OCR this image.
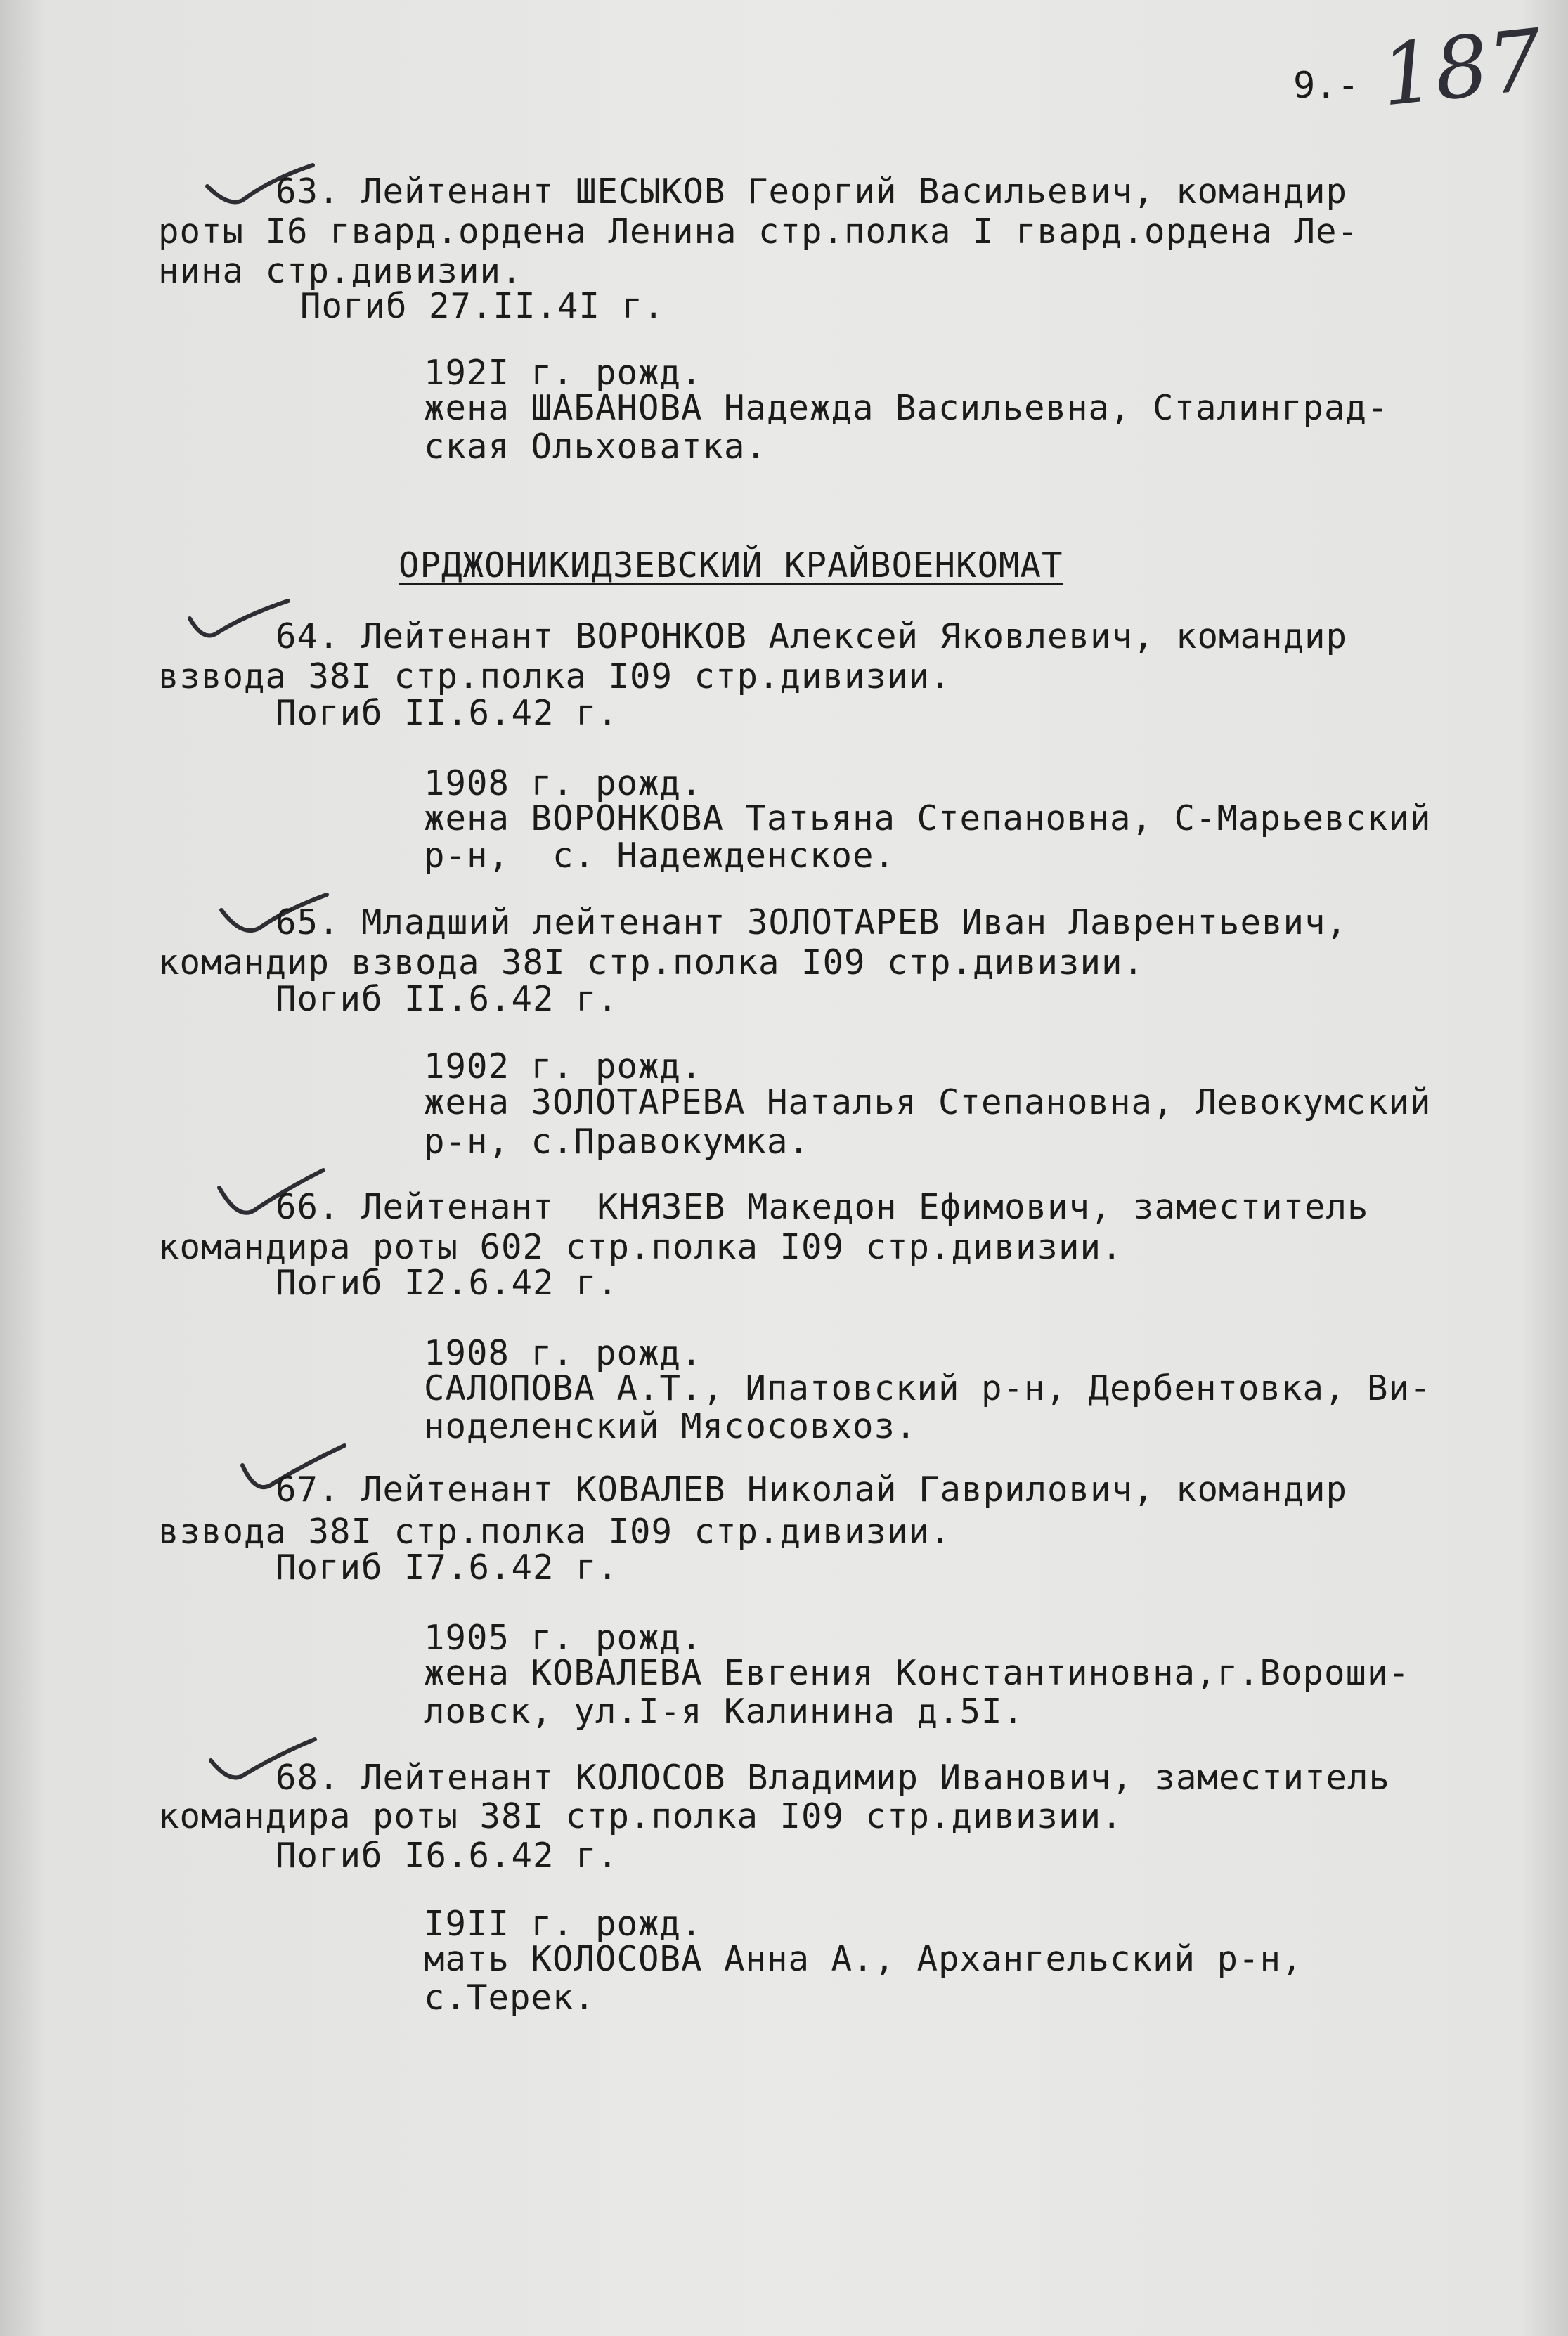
9.- 187

63. Лейтенант ШЕСЫКОВ Георгий Васильевич, командир

роты I6 гвард.ордена Ленина стр.полка I гвард.ордена Ле-

нина стр.дивизии.

Погиб 27.II.4I г.

192I г. рожд.

жена ШАБАНОВА Надежда Васильевна, Сталинград-

ская Ольховатка.

ОРДЖОНИКИДЗЕВСКИЙ КРАЙВОЕНКОМАТ

64. Лейтенант ВОРОНКОВ Алексей Яковлевич, командир

взвода 38I стр.полка I09 стр.дивизии.

Погиб II.6.42 г.

1908 г. рожд.

жена ВОРОНКОВА Татьяна Степановна, С-Марьевский

р-н,  с. Надежденское.

65. Младший лейтенант ЗОЛОТАРЕВ Иван Лаврентьевич,

командир взвода 38I стр.полка I09 стр.дивизии.

Погиб II.6.42 г.

1902 г. рожд.

жена ЗОЛОТАРЕВА Наталья Степановна, Левокумский

р-н, с.Правокумка.

66. Лейтенант  КНЯЗЕВ Македон Ефимович, заместитель

командира роты 602 стр.полка I09 стр.дивизии.

Погиб I2.6.42 г.

1908 г. рожд.

САЛОПОВА А.Т., Ипатовский р-н, Дербентовка, Ви-

ноделенский Мясосовхоз.

67. Лейтенант КОВАЛЕВ Николай Гаврилович, командир

взвода 38I стр.полка I09 стр.дивизии.

Погиб I7.6.42 г.

1905 г. рожд.

жена КОВАЛЕВА Евгения Константиновна,г.Вороши-

ловск, ул.I-я Калинина д.5I.

68. Лейтенант КОЛОСОВ Владимир Иванович, заместитель

командира роты 38I стр.полка I09 стр.дивизии.

Погиб I6.6.42 г.

I9II г. рожд.

мать КОЛОСОВА Анна А., Архангельский р-н,

с.Терек.
